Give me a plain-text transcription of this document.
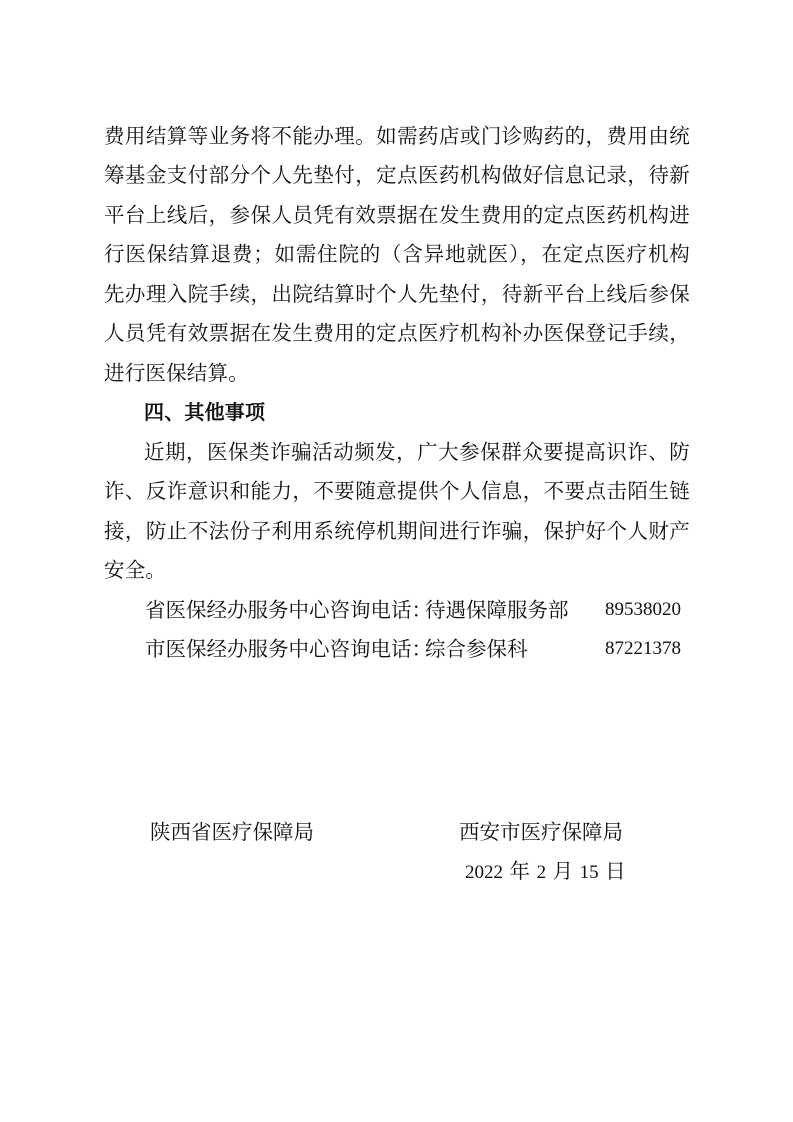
费用结算等业务将不能办理。如需药店或门诊购药的，费用由统
筹基金支付部分个人先垫付，定点医药机构做好信息记录，待新
平台上线后，参保人员凭有效票据在发生费用的定点医药机构进
行医保结算退费；如需住院的（含异地就医），在定点医疗机构
先办理入院手续，出院结算时个人先垫付，待新平台上线后参保
人员凭有效票据在发生费用的定点医疗机构补办医保登记手续，
进行医保结算。
四、其他事项
近期，医保类诈骗活动频发，广大参保群众要提高识诈、防
诈、反诈意识和能力，不要随意提供个人信息，不要点击陌生链
接，防止不法份子利用系统停机期间进行诈骗，保护好个人财产
安全。
省医保经办服务中心咨询电话：
待遇保障服务部 89538020
市医保经办服务中心咨询电话：
综合参保科	87221378
陕西省医疗保障局	西安市医疗保障局
2022 年 2 月 15 日
